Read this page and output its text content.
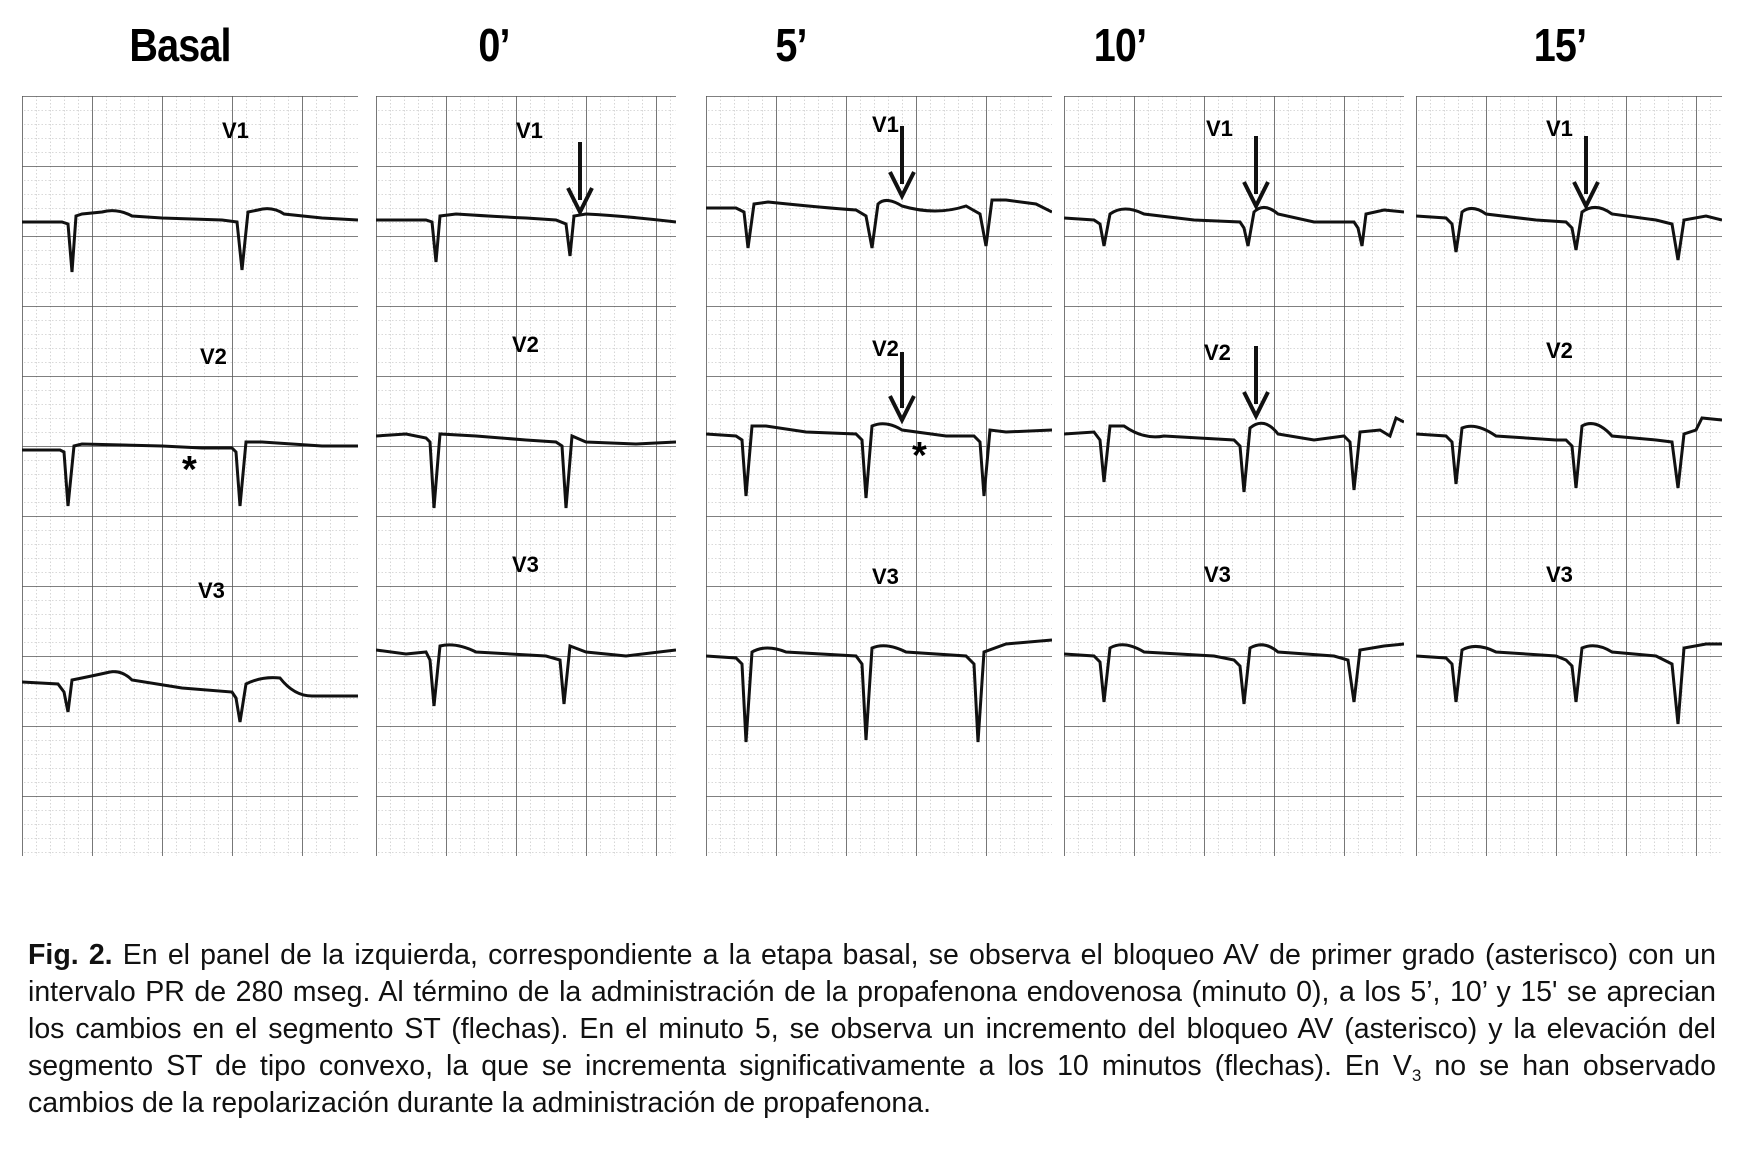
Basal	0’	5’	10’	15’
V1
V2
V3
*
V1
V2
V3
V1
V2
V3
*
V1
V2
V3
V1
V2
V3

Fig. 2. En el panel de la izquierda, correspondiente a la etapa basal, se observa el bloqueo AV de primer grado (asterisco) con un intervalo PR de 280 mseg. Al término de la administración de la propafenona endovenosa (minuto 0), a los 5’, 10’ y 15' se aprecian los cambios en el segmento ST (flechas). En el minuto 5, se observa un incremento del bloqueo AV (asterisco) y la elevación del segmento ST de tipo convexo, la que se incrementa significativamente a los 10 minutos (flechas). En $V_3$ no se han observado cambios de la repolarización durante la administración de propafenona.
